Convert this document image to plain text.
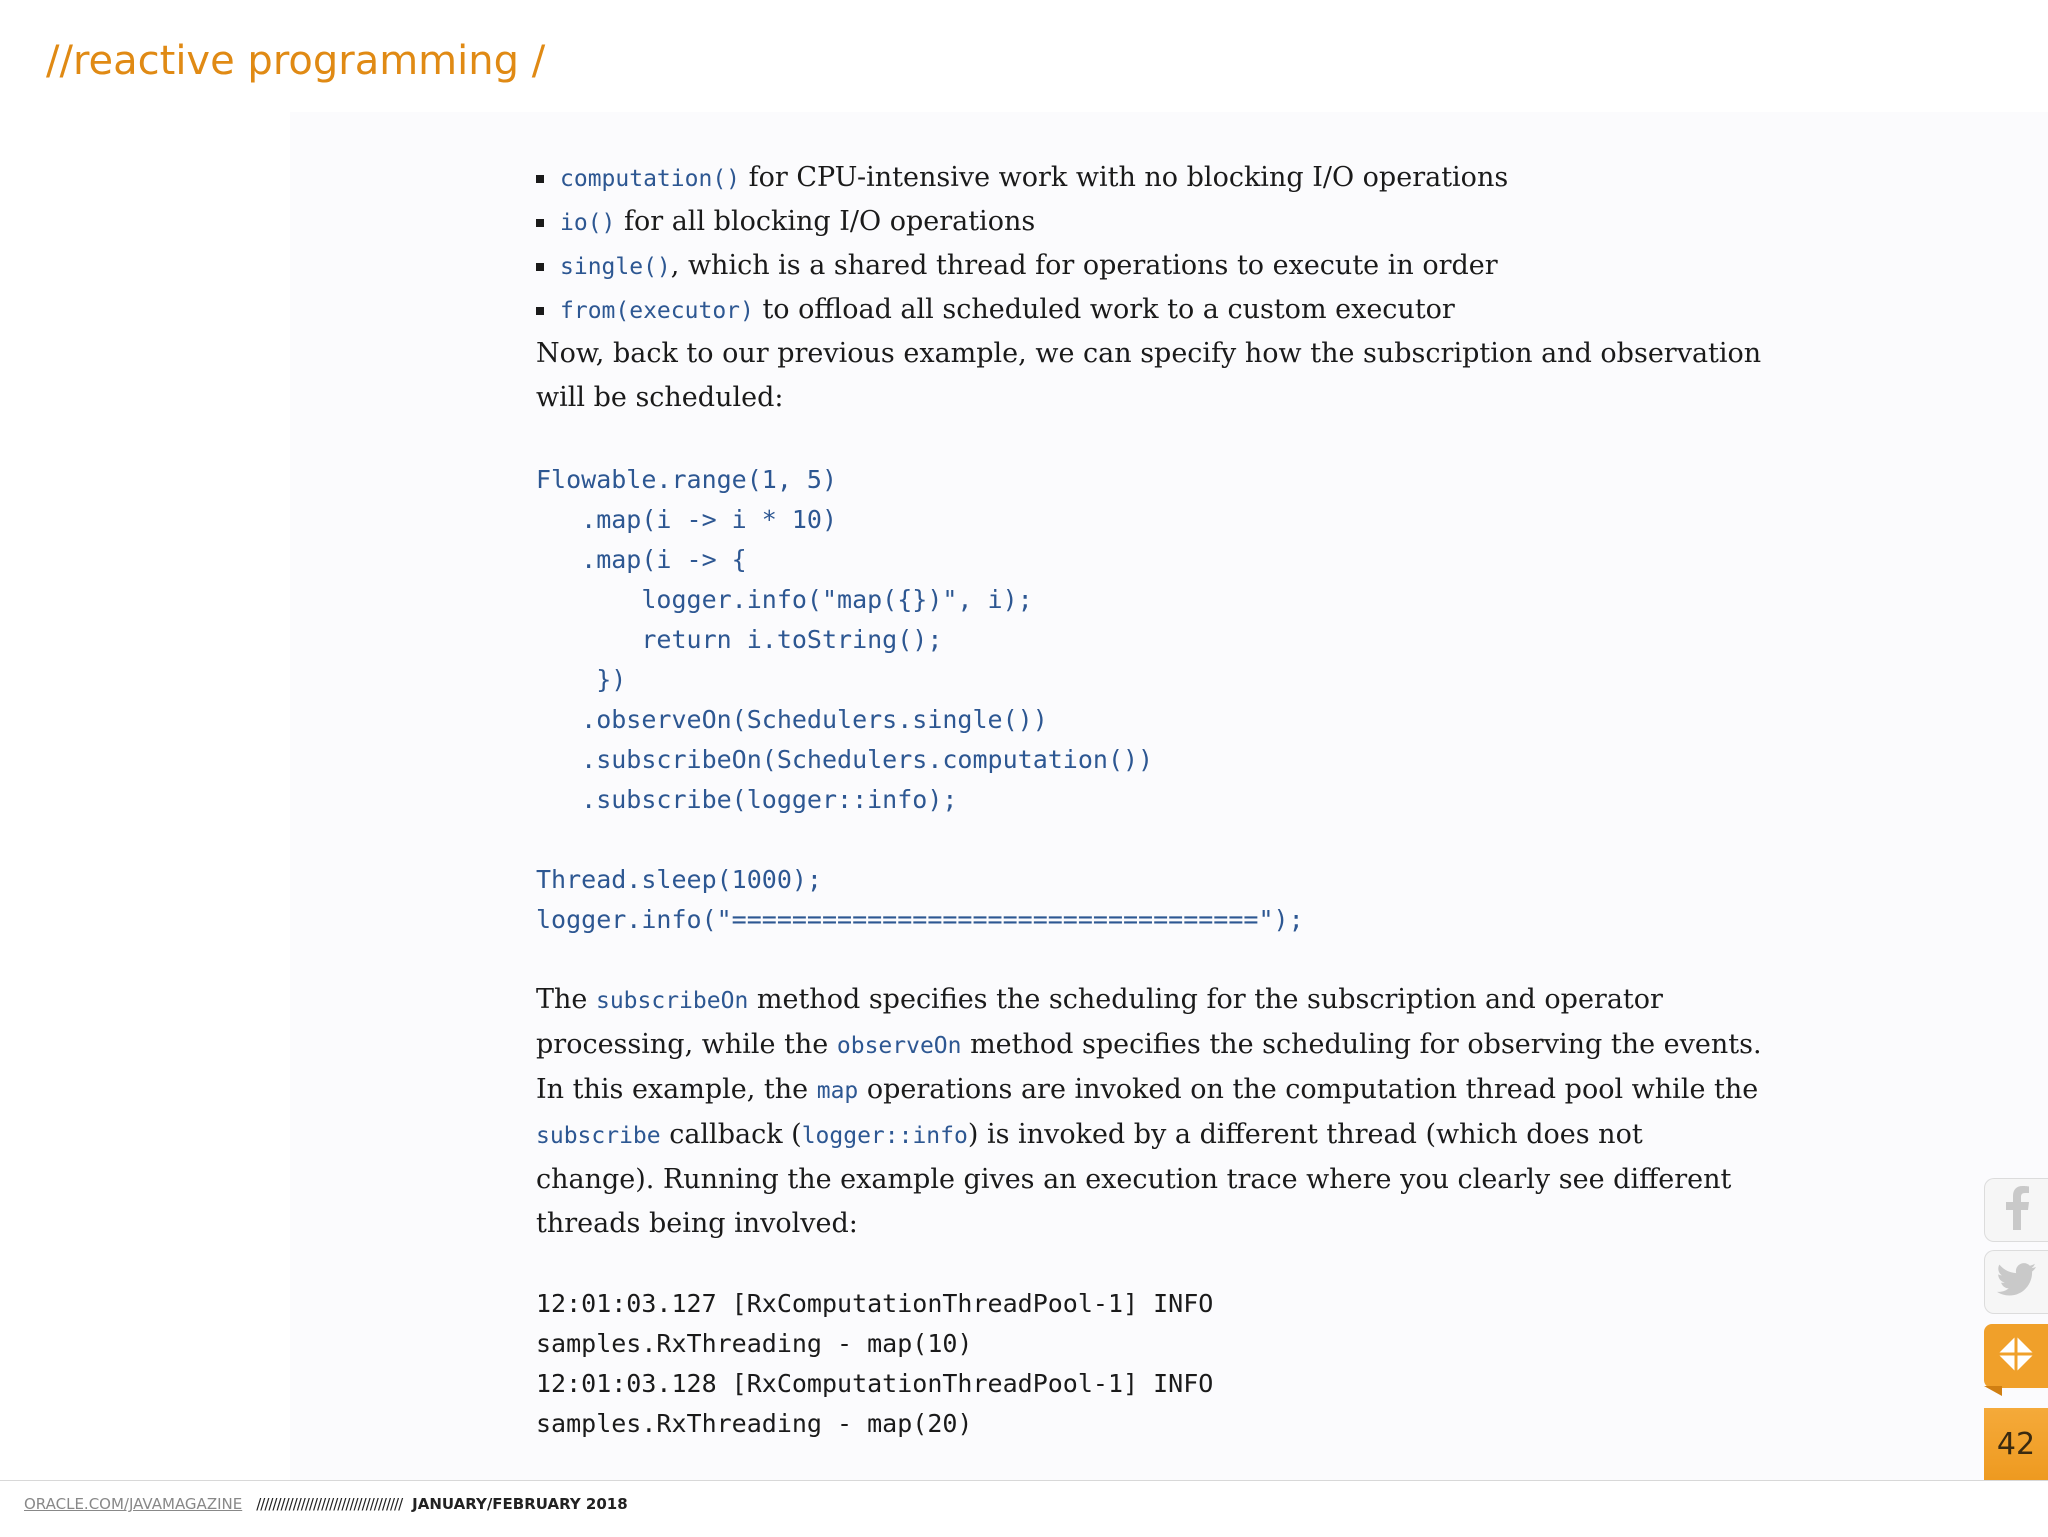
//reactive programming /
computation() for CPU-intensive work with no blocking I/O operations
io() for all blocking I/O operations
single(), which is a shared thread for operations to execute in order
from(executor) to offload all scheduled work to a custom executor

Now, back to our previous example, we can specify how the subscription and observation will be scheduled:

Flowable.range(1, 5)
.map(i -> i * 10)
.map(i -> {
logger.info("map({})", i);
return i.toString();
})
.observeOn(Schedulers.single())
.subscribeOn(Schedulers.computation())
.subscribe(logger::info);

Thread.sleep(1000);
logger.info("===================================");

The subscribeOn method specifies the scheduling for the subscription and operator processing, while the observeOn method specifies the scheduling for observing the events. In this example, the map operations are invoked on the computation thread pool while the subscribe callback (logger::info) is invoked by a different thread (which does not change). Running the example gives an execution trace where you clearly see different threads being involved:

12:01:03.127 [RxComputationThreadPool-1] INFO
samples.RxThreading - map(10)
12:01:03.128 [RxComputationThreadPool-1] INFO
samples.RxThreading - map(20)
42
ORACLE.COM/JAVAMAGAZINE //////////////////////////////////// JANUARY/FEBRUARY 2018
